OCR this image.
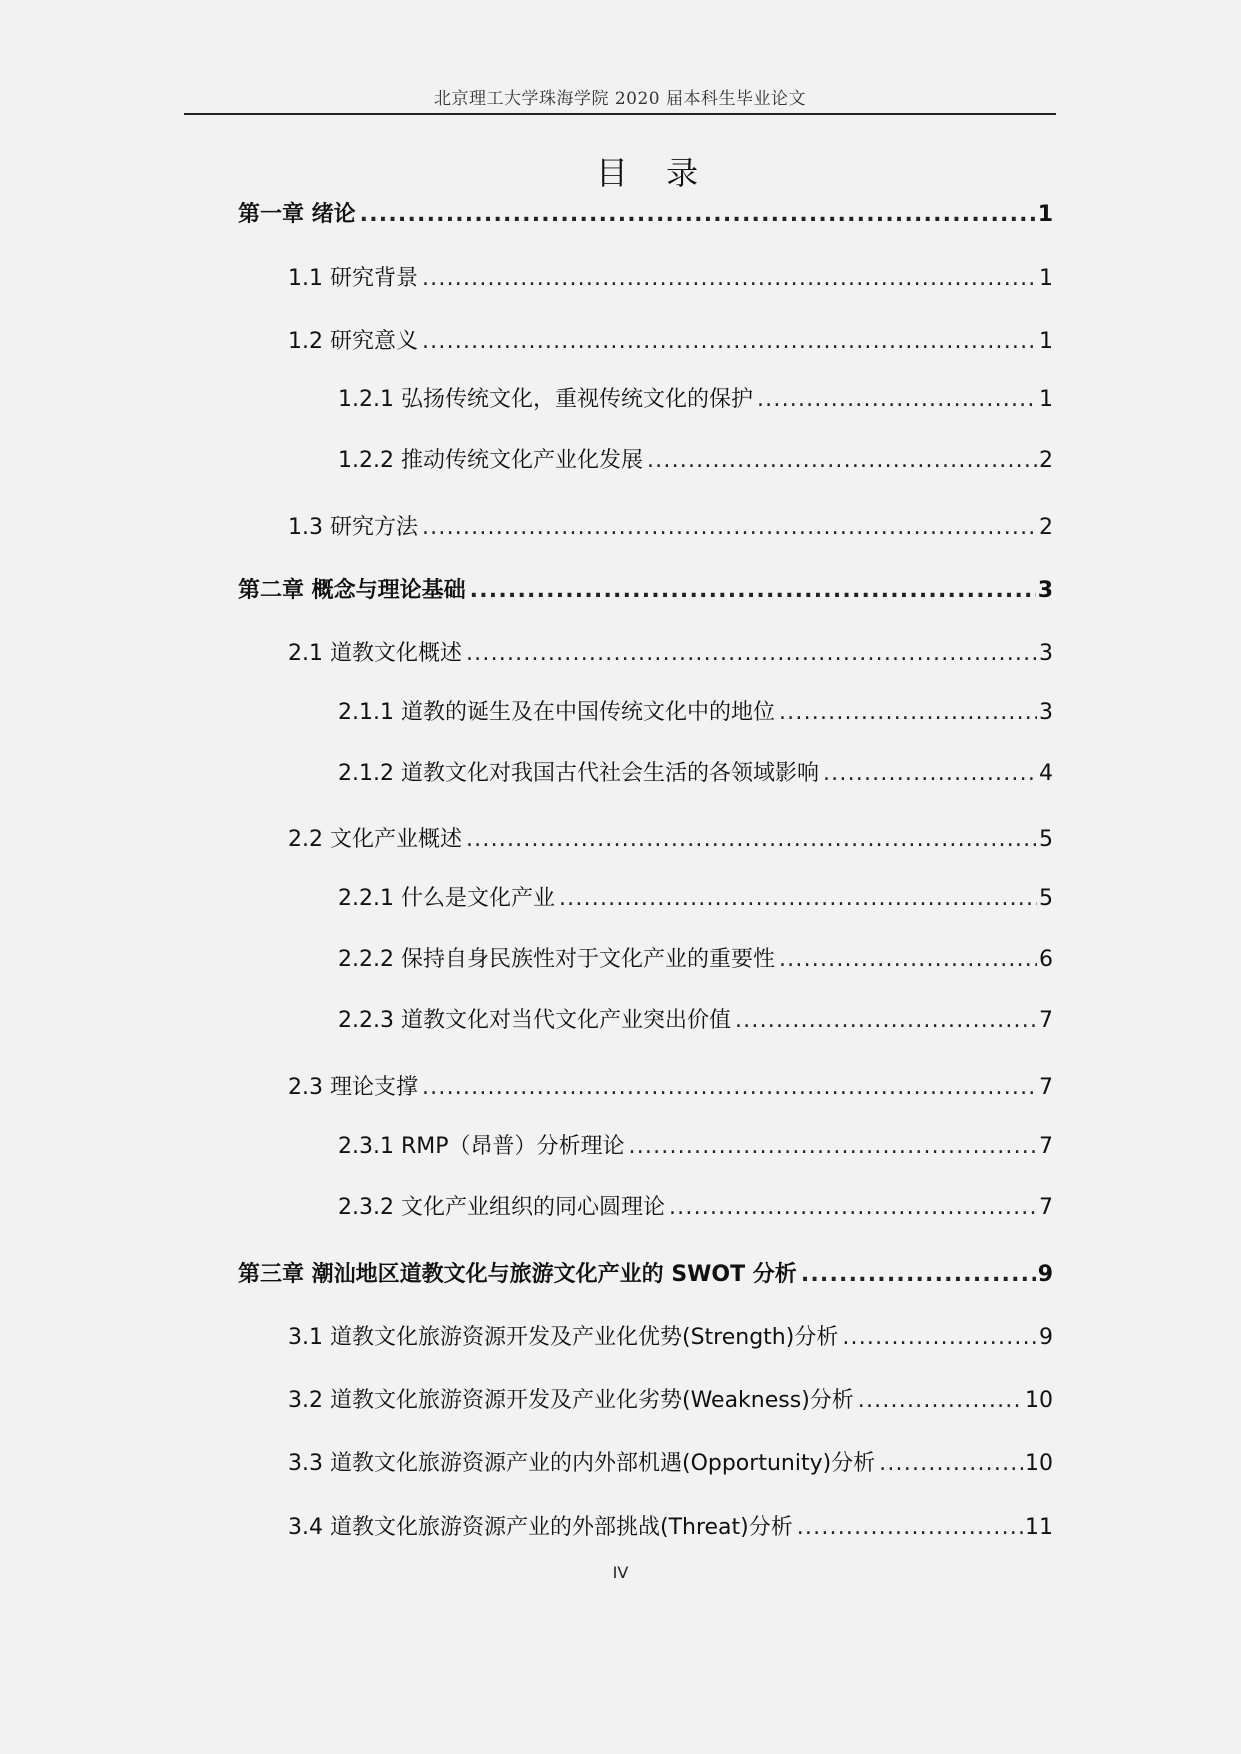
北京理工大学珠海学院 2020 届本科生毕业论文
目 录
第一章 绪论 .....	1
1.1 研究背景 .....	1
1.2 研究意义 .....	1
1.2.1 弘扬传统文化，重视传统文化的保护 .....	1
1.2.2 推动传统文化产业化发展 .....	2
1.3 研究方法 .....	2
第二章 概念与理论基础 .....	3
2.1 道教文化概述 .....	3
2.1.1 道教的诞生及在中国传统文化中的地位 .....	3
2.1.2 道教文化对我国古代社会生活的各领域影响 .....	4
2.2 文化产业概述 .....	5
2.2.1 什么是文化产业 .....	5
2.2.2 保持自身民族性对于文化产业的重要性 .....	6
2.2.3 道教文化对当代文化产业突出价值 .....	7
2.3 理论支撑 .....	7
2.3.1 RMP（昂普）分析理论 .....	7
2.3.2 文化产业组织的同心圆理论 .....	7
第三章 潮汕地区道教文化与旅游文化产业的 SWOT 分析 .....	9
3.1 道教文化旅游资源开发及产业化优势(Strength)分析 .....	9
3.2 道教文化旅游资源开发及产业化劣势(Weakness)分析 .....	10
3.3 道教文化旅游资源产业的内外部机遇(Opportunity)分析 .....	10
3.4 道教文化旅游资源产业的外部挑战(Threat)分析 .....	11
IV
